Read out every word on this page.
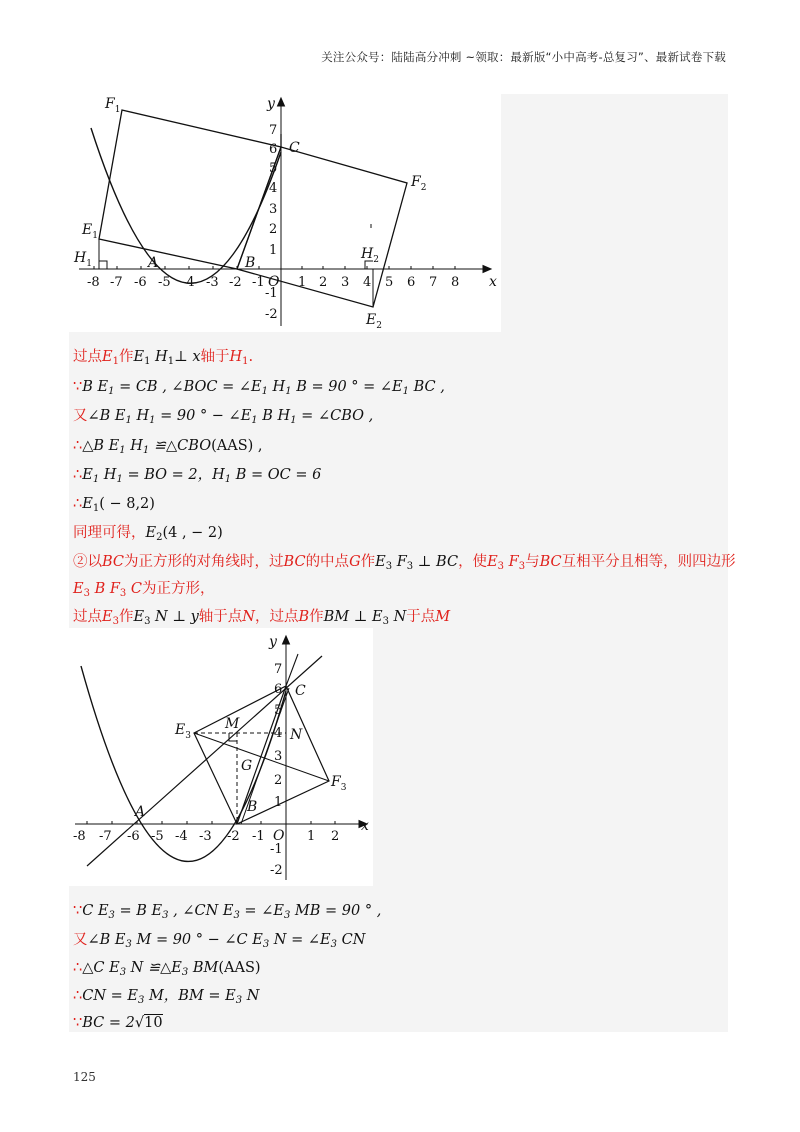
关注公众号：陆陆高分冲刺 ~领取：最新版“小中高考-总复习”、最新试卷下载
-8 -7 -6 -5 -4 -3 -2 -1	1 2 3 4 5 6 7 8
7
6
5
4
3
2
1
-1
-2
y
x
O
$F_1$
C
$F_2$
$E_1$
$H_1$	A	B
$H_2$
$E_2$
过点$E_1$作$E_1$ $H_1\perp$ x轴于$H_1$.
∵B $E_1$ = CB , ∠BOC = $\angle E_1$ $H_1$ B = 90 ° = $\angle E_1$ BC ,
又∠B $E_1$ $H_1 = 90$ ° − $\angle E_1$ B $H_1$ = ∠CBO ,
∴△B $E_1$ $H_1$ ≌△CBO(AAS) ,
$\therefore E_1$ $H_1$ = BO = 2，$H_1$ B = OC = 6
$\therefore E_1( - 8,2)$
同理可得，$E_2(4$ , − 2)
②以BC为正方形的对角线时，过BC的中点G作$E_3$ $F_3$ ⊥ BC，使$E_3$ $F_3$与BC互相平分且相等，则四边形
$E_3$ B $F_3$ C为正方形，
过点$E_3$作$E_3$ N ⊥ y轴于点N，过点B作BM ⊥ $E_3$ N于点M
-8 -7 -6 -5 -4 -3 -2 -1	1 2
7
6
5
4
3
2
1
-1
-2
y
x
O
C
$E_3$
M
N
G
$F_3$
A	B
∵C $E_3 = B$ $E_3$ , ∠CN $E_3$ = $\angle E_3$ MB = 90 ° ,
又∠B $E_3$ M = 90 ° − ∠C $E_3$ $N = \angle E_3$ CN
∴△C $E_3$ N $≌\triangle E_3$ BM(AAS)
∴CN = $E_3$ M，BM = $E_3$ N
∵BC = 2√10
125
